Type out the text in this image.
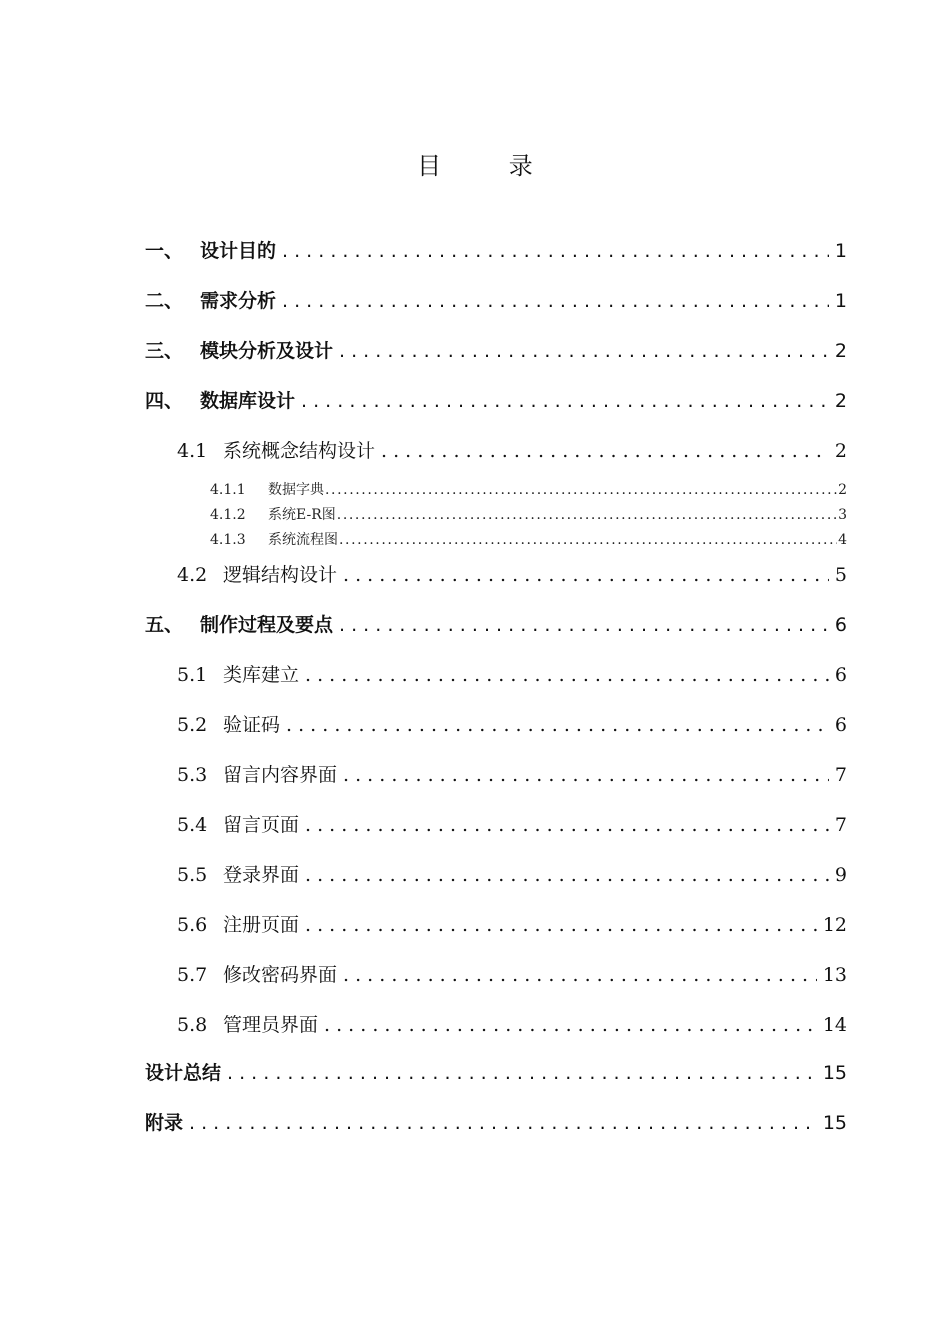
目 录
一、 设计目的 . . .	1
二、 需求分析 . . .	1
三、 模块分析及设计 . . .	2
四、 数据库设计 . . .	2
4.1 系统概念结构设计 . . .	2
4.1.1	数据字典 .....	2
4.1.2	系统E-R图 .....	3
4.1.3	系统流程图 .....	4
4.2 逻辑结构设计 . . .	5
五、 制作过程及要点 . . .	6
5.1 类库建立 . . .	6
5.2 验证码 . . .	6
5.3 留言内容界面 . . .	7
5.4 留言页面 . . .	7
5.5 登录界面 . . .	9
5.6 注册页面 . . .	12
5.7 修改密码界面 . . .	13
5.8 管理员界面 . . .	14
设计总结 . . .	15
附录 . . .	15
